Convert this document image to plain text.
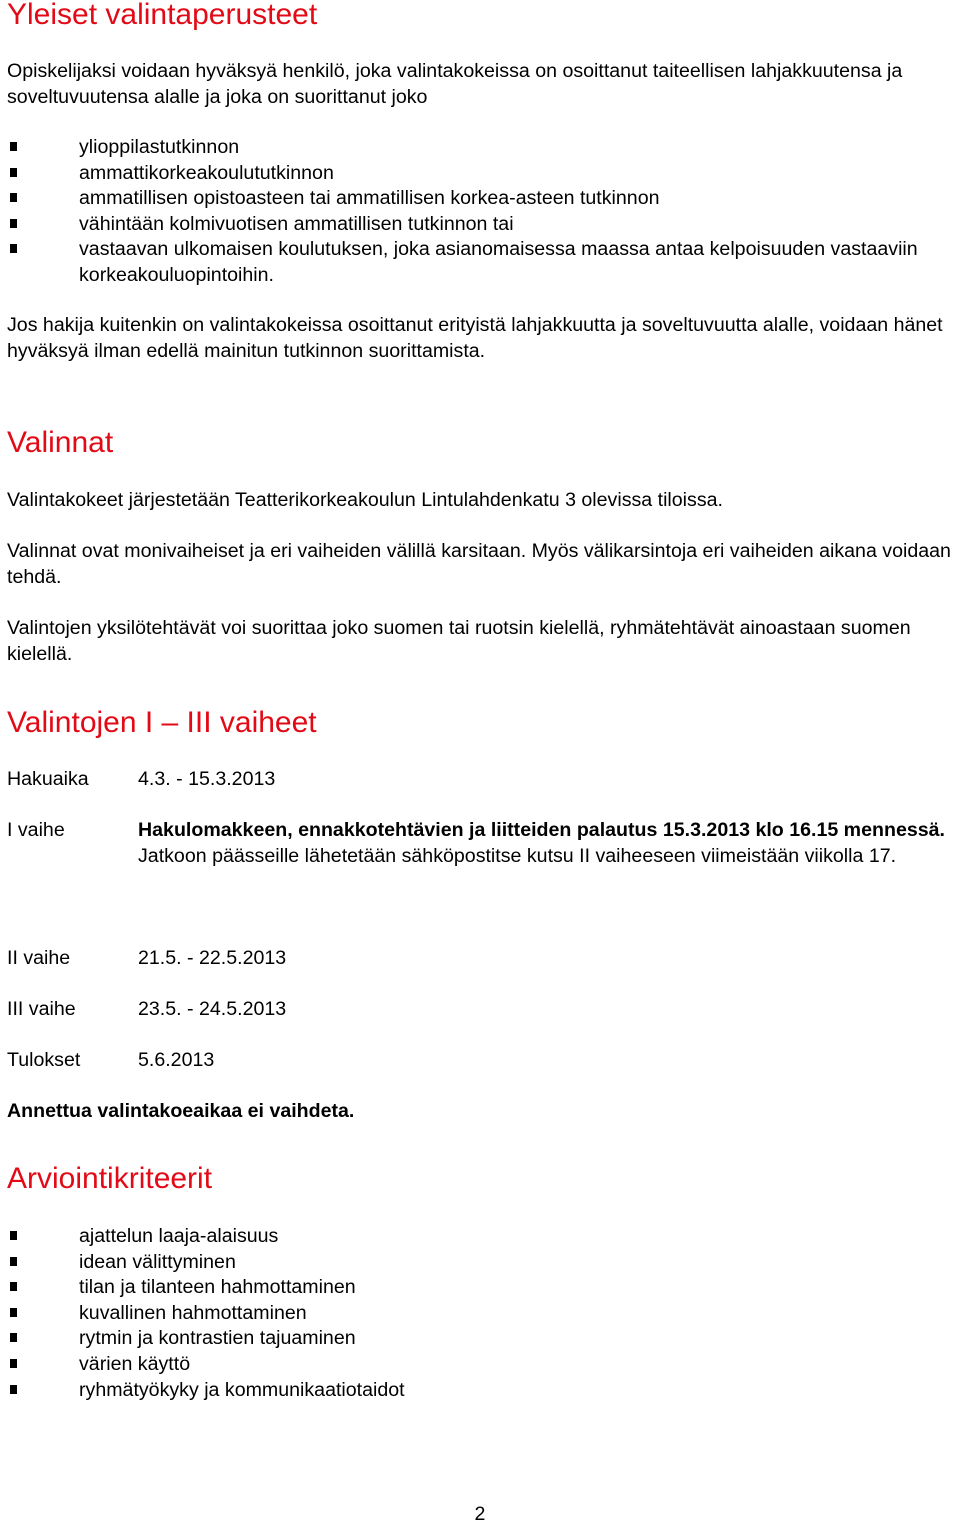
Yleiset valintaperusteet

Opiskelijaksi voidaan hyväksyä henkilö, joka valintakokeissa on osoittanut taiteellisen lahjakkuutensa ja soveltuvuutensa alalle ja joka on suorittanut joko

ylioppilastutkinnon
ammattikorkeakoulututkinnon
ammatillisen opistoasteen tai ammatillisen korkea-asteen tutkinnon
vähintään kolmivuotisen ammatillisen tutkinnon tai
vastaavan ulkomaisen koulutuksen, joka asianomaisessa maassa antaa kelpoisuuden vastaaviin korkeakouluopintoihin.

Jos hakija kuitenkin on valintakokeissa osoittanut erityistä lahjakkuutta ja soveltuvuutta alalle, voidaan hänet hyväksyä ilman edellä mainitun tutkinnon suorittamista.

Valinnat

Valintakokeet järjestetään Teatterikorkeakoulun Lintulahdenkatu 3 olevissa tiloissa.

Valinnat ovat monivaiheiset ja eri vaiheiden välillä karsitaan. Myös välikarsintoja eri vaiheiden aikana voidaan tehdä.

Valintojen yksilötehtävät voi suorittaa joko suomen tai ruotsin kielellä, ryhmätehtävät ainoastaan suomen kielellä.

Valintojen I – III vaiheet
Hakuaika	4.3. - 15.3.2013
I vaihe	Hakulomakkeen, ennakkotehtävien ja liitteiden palautus 15.3.2013 klo 16.15 mennessä.
Jatkoon päässeille lähetetään sähköpostitse kutsu II vaiheeseen viimeistään viikolla 17.
II vaihe	21.5. - 22.5.2013
III vaihe	23.5. - 24.5.2013
Tulokset	5.6.2013

Annettua valintakoeaikaa ei vaihdeta.

Arviointikriteerit
ajattelun laaja-alaisuus
idean välittyminen
tilan ja tilanteen hahmottaminen
kuvallinen hahmottaminen
rytmin ja kontrastien tajuaminen
värien käyttö
ryhmätyökyky ja kommunikaatiotaidot
2
